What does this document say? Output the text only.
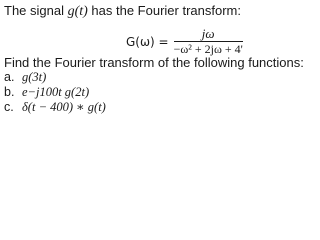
The signal g(t) has the Fourier transform:
$G(\omega) = \frac{j\omega}{\text{−ω² + 2jω + 4'}}$
Find the Fourier transform of the following functions:
a. g(3t)
b. e−j100t g(2t)
c. δ(t − 400) ∗ g(t)
